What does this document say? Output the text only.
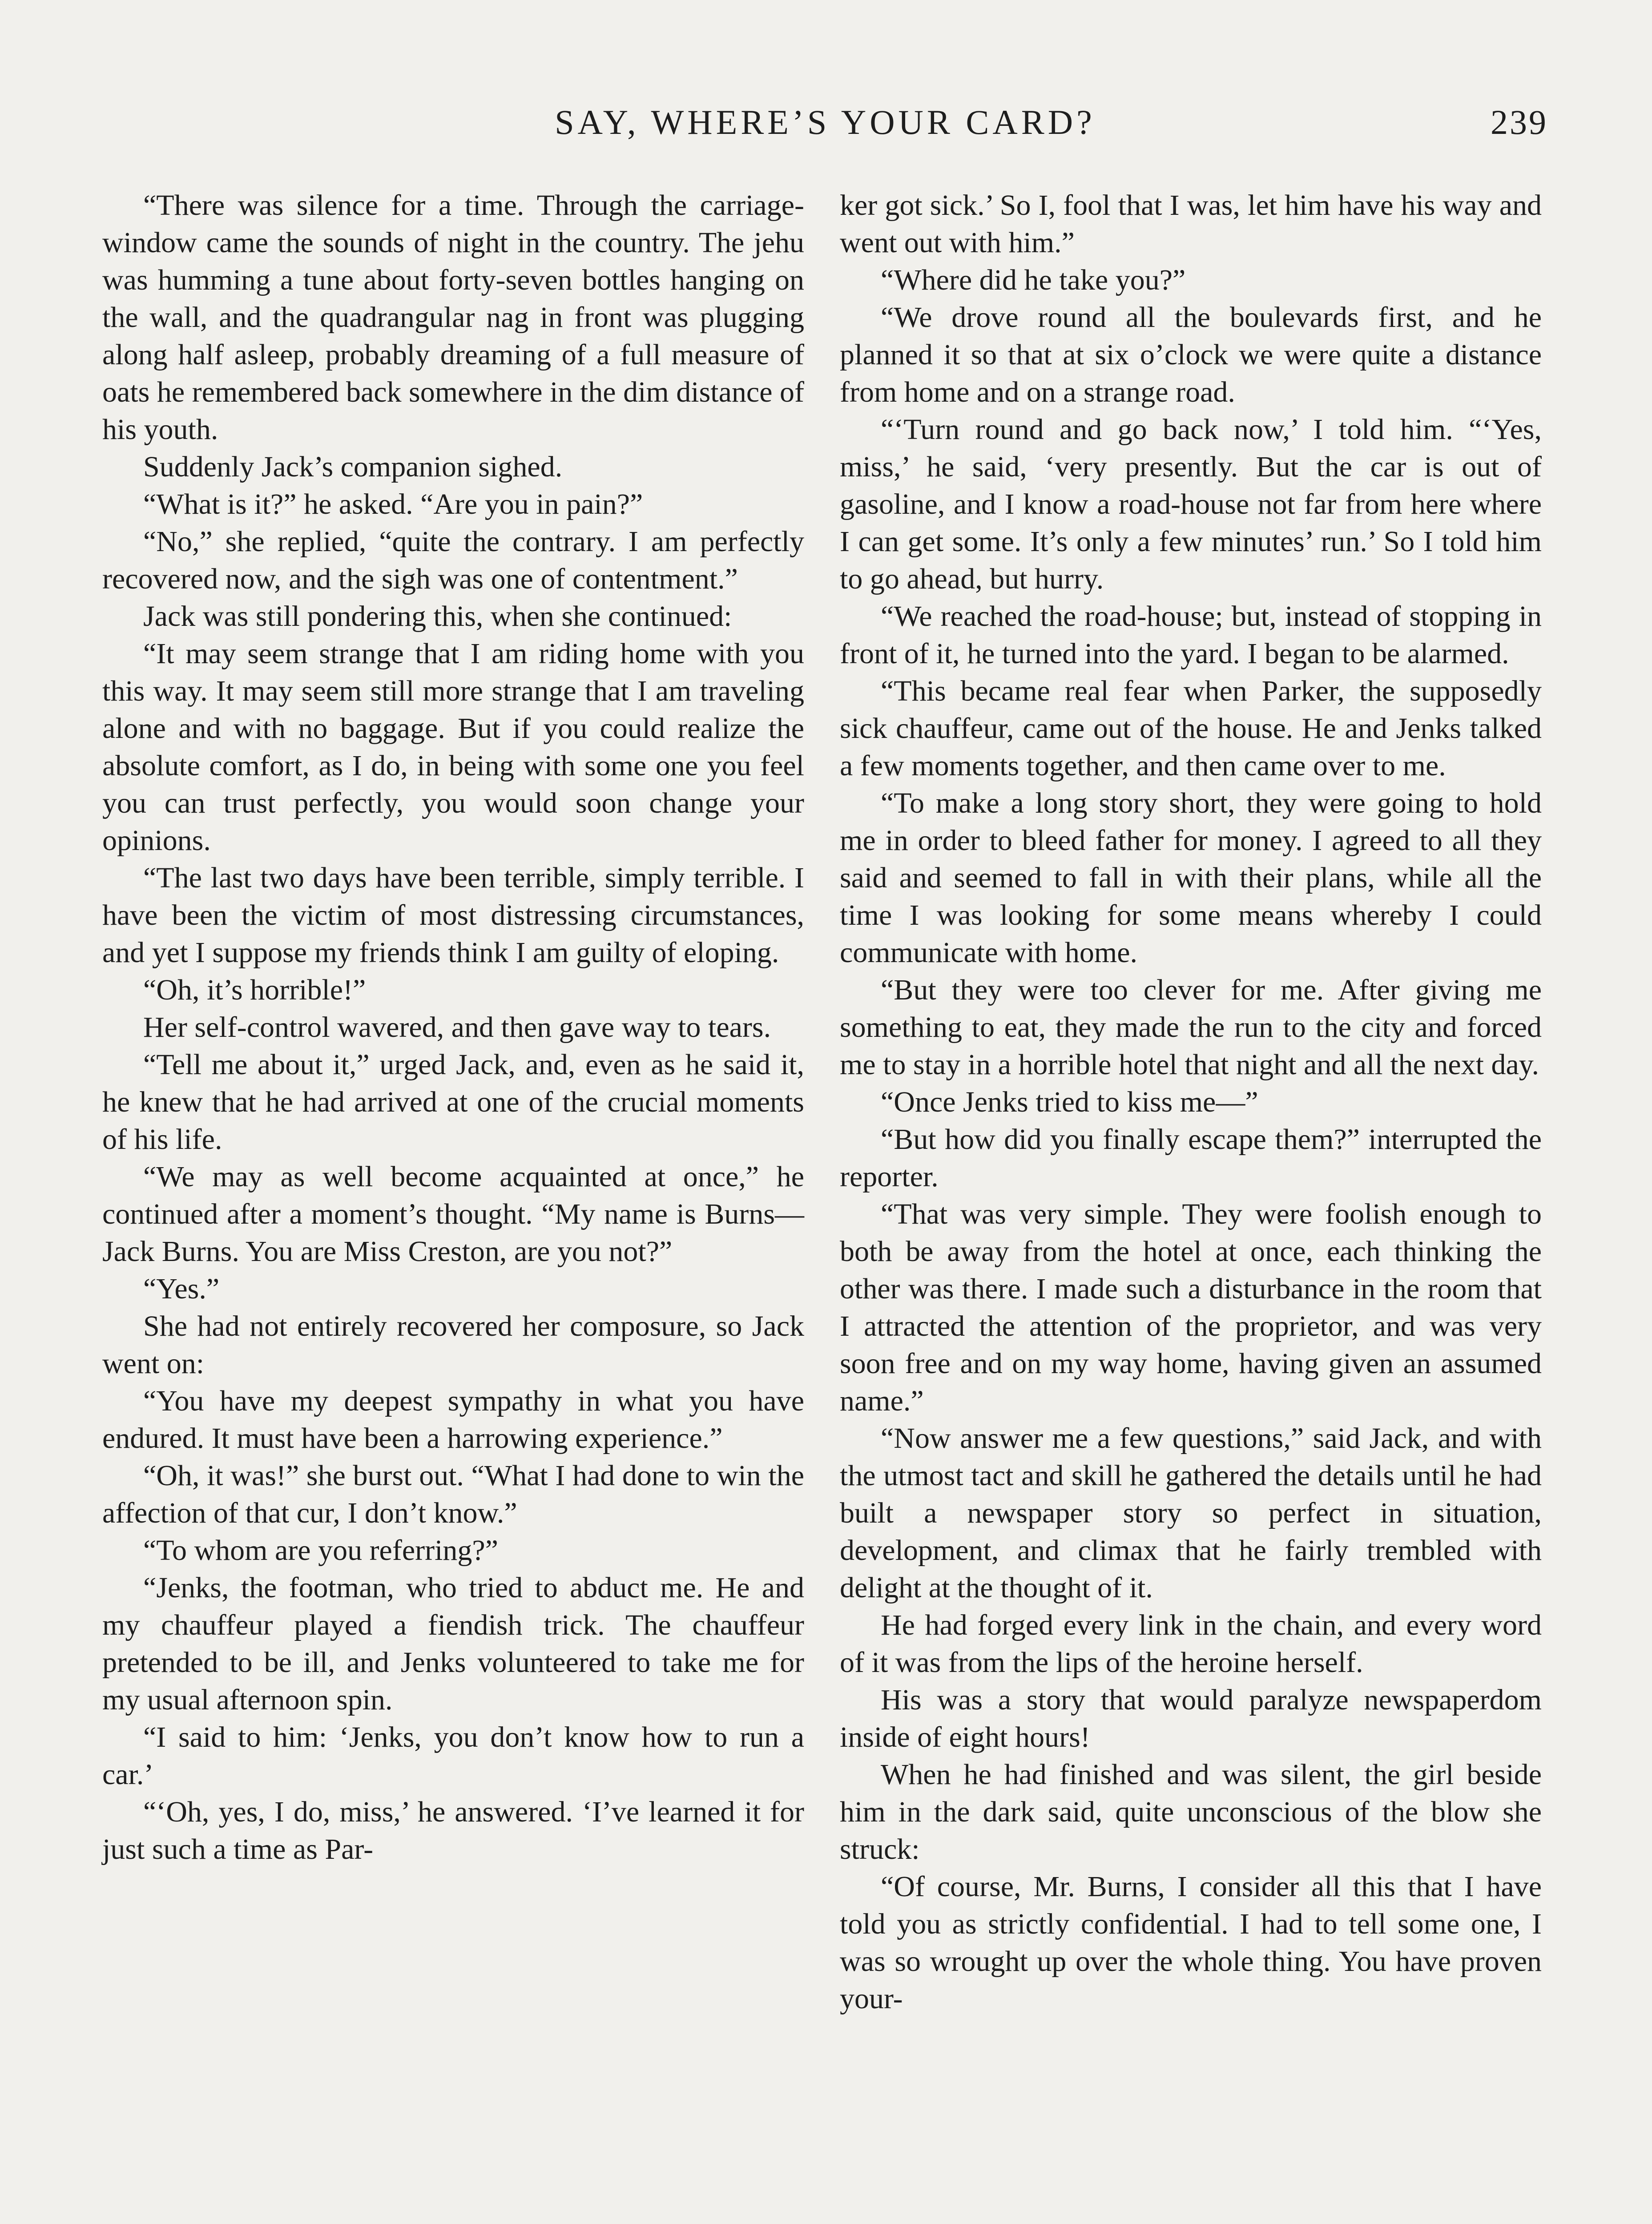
SAY, WHERE’S YOUR CARD?	239

“There was silence for a time. Through the carriage-window came the sounds of night in the country. The jehu was humming a tune about forty-seven bottles hanging on the wall, and the quadrangular nag in front was plugging along half asleep, probably dreaming of a full measure of oats he remembered back somewhere in the dim distance of his youth.

Suddenly Jack’s companion sighed.

“What is it?” he asked. “Are you in pain?”

“No,” she replied, “quite the contrary. I am perfectly recovered now, and the sigh was one of contentment.”

Jack was still pondering this, when she continued:

“It may seem strange that I am riding home with you this way. It may seem still more strange that I am traveling alone and with no baggage. But if you could realize the absolute comfort, as I do, in being with some one you feel you can trust perfectly, you would soon change your opinions.

“The last two days have been terrible, simply terrible. I have been the victim of most distressing circumstances, and yet I suppose my friends think I am guilty of eloping.

“Oh, it’s horrible!”

Her self-control wavered, and then gave way to tears.

“Tell me about it,” urged Jack, and, even as he said it, he knew that he had arrived at one of the crucial moments of his life.

“We may as well become acquainted at once,” he continued after a moment’s thought. “My name is Burns—Jack Burns. You are Miss Creston, are you not?”

“Yes.”

She had not entirely recovered her composure, so Jack went on:

“You have my deepest sympathy in what you have endured. It must have been a harrowing experience.”

“Oh, it was!” she burst out. “What I had done to win the affection of that cur, I don’t know.”

“To whom are you referring?”

“Jenks, the footman, who tried to abduct me. He and my chauffeur played a fiendish trick. The chauffeur pretended to be ill, and Jenks volunteered to take me for my usual afternoon spin.

“I said to him: ‘Jenks, you don’t know how to run a car.’

“‘Oh, yes, I do, miss,’ he answered. ‘I’ve learned it for just such a time as Par-

ker got sick.’ So I, fool that I was, let him have his way and went out with him.”

“Where did he take you?”

“We drove round all the boulevards first, and he planned it so that at six o’clock we were quite a distance from home and on a strange road.

“‘Turn round and go back now,’ I told him. “‘Yes, miss,’ he said, ‘very presently. But the car is out of gasoline, and I know a road-house not far from here where I can get some. It’s only a few minutes’ run.’ So I told him to go ahead, but hurry.

“We reached the road-house; but, instead of stopping in front of it, he turned into the yard. I began to be alarmed.

“This became real fear when Parker, the supposedly sick chauffeur, came out of the house. He and Jenks talked a few moments together, and then came over to me.

“To make a long story short, they were going to hold me in order to bleed father for money. I agreed to all they said and seemed to fall in with their plans, while all the time I was looking for some means whereby I could communicate with home.

“But they were too clever for me. After giving me something to eat, they made the run to the city and forced me to stay in a horrible hotel that night and all the next day.

“Once Jenks tried to kiss me—”

“But how did you finally escape them?” interrupted the reporter.

“That was very simple. They were foolish enough to both be away from the hotel at once, each thinking the other was there. I made such a disturbance in the room that I attracted the attention of the proprietor, and was very soon free and on my way home, having given an assumed name.”

“Now answer me a few questions,” said Jack, and with the utmost tact and skill he gathered the details until he had built a newspaper story so perfect in situation, development, and climax that he fairly trembled with delight at the thought of it.

He had forged every link in the chain, and every word of it was from the lips of the heroine herself.

His was a story that would paralyze newspaperdom inside of eight hours!

When he had finished and was silent, the girl beside him in the dark said, quite unconscious of the blow she struck:

“Of course, Mr. Burns, I consider all this that I have told you as strictly confidential. I had to tell some one, I was so wrought up over the whole thing. You have proven your-
